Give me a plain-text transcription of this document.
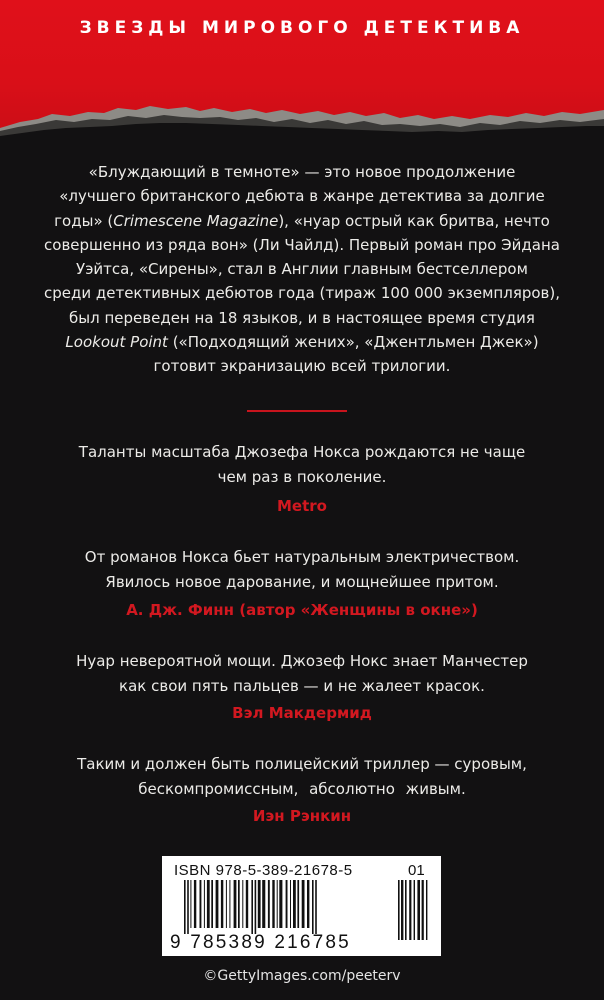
ЗВЕЗДЫ МИРОВОГО ДЕТЕКТИВА
«Блуждающий в темноте» — это новое продолжение
«лучшего британского дебюта в жанре детектива за долгие
годы» (Crimescene Magazine), «нуар острый как бритва, нечто
совершенно из ряда вон» (Ли Чайлд). Первый роман про Эйдана
Уэйтса, «Сирены», стал в Англии главным бестселлером
среди детективных дебютов года (тираж 100 000 экземпляров),
был переведен на 18 языков, и в настоящее время студия
Lookout Point («Подходящий жених», «Джентльмен Джек»)
готовит экранизацию всей трилогии.
Таланты масштаба Джозефа Нокса рождаются не чаще
чем раз в поколение.
Metro
От романов Нокса бьет натуральным электричеством.
Явилось новое дарование, и мощнейшее притом.
А. Дж. Финн (автор «Женщины в окне»)
Нуар невероятной мощи. Джозеф Нокс знает Манчестер
как свои пять пальцев — и не жалеет красок.
Вэл Макдермид
Таким и должен быть полицейский триллер — суровым,
бескомпромиссным, абсолютно живым.
Иэн Рэнкин
ISBN 978-5-389-21678-5	01
9 785389 216785
©GettyImages.com/peeterv
